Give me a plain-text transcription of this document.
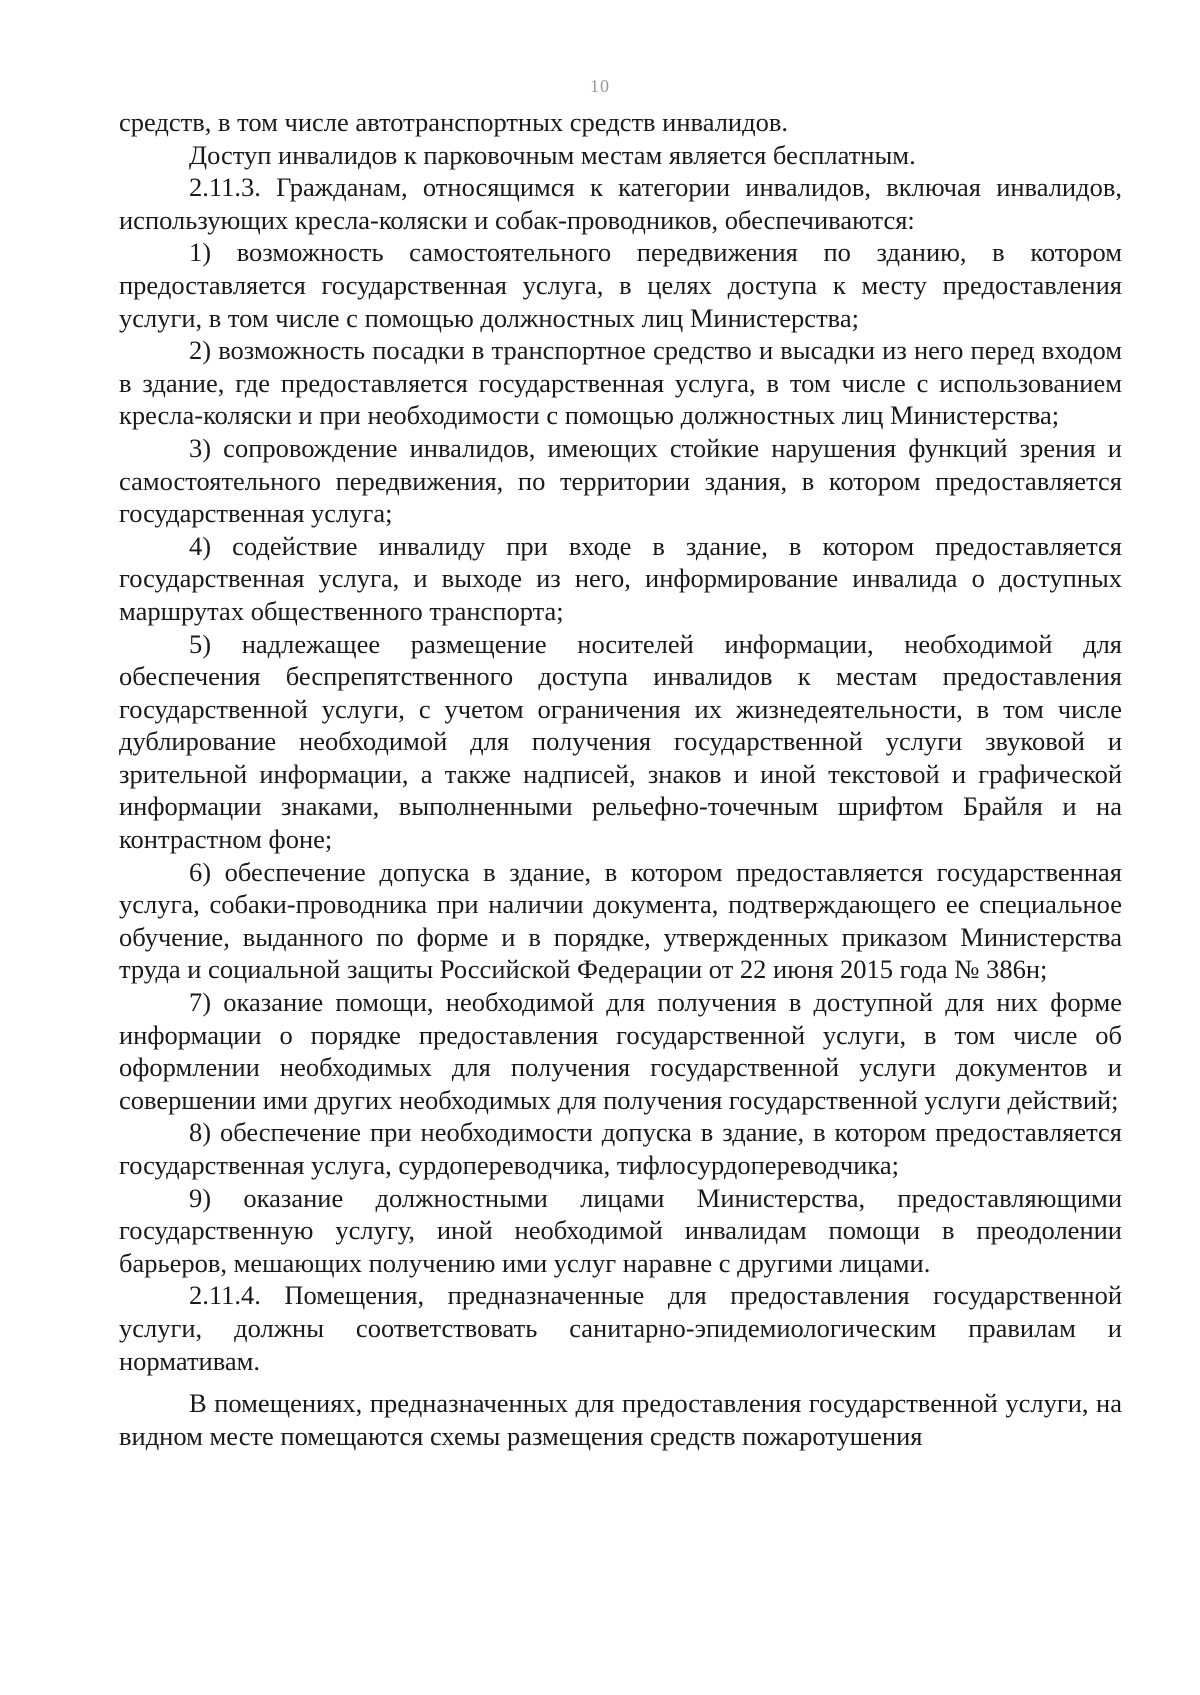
10

средств, в том числе автотранспортных средств инвалидов.

Доступ инвалидов к парковочным местам является бесплатным.

2.11.3. Гражданам, относящимся к категории инвалидов, включая инвалидов, использующих кресла-коляски и собак-проводников, обеспечиваются:

1) возможность самостоятельного передвижения по зданию, в котором предоставляется государственная услуга, в целях доступа к месту предоставления услуги, в том числе с помощью должностных лиц Министерства;

2) возможность посадки в транспортное средство и высадки из него перед входом в здание, где предоставляется государственная услуга, в том числе с использованием кресла-коляски и при необходимости с помощью должностных лиц Министерства;

3) сопровождение инвалидов, имеющих стойкие нарушения функций зрения и самостоятельного передвижения, по территории здания, в котором предоставляется государственная услуга;

4) содействие инвалиду при входе в здание, в котором предоставляется государственная услуга, и выходе из него, информирование инвалида о доступных маршрутах общественного транспорта;

5) надлежащее размещение носителей информации, необходимой для обеспечения беспрепятственного доступа инвалидов к местам предоставления государственной услуги, с учетом ограничения их жизнедеятельности, в том числе дублирование необходимой для получения государственной услуги звуковой и зрительной информации, а также надписей, знаков и иной текстовой и графической информации знаками, выполненными рельефно-точечным шрифтом Брайля и на контрастном фоне;

6) обеспечение допуска в здание, в котором предоставляется государственная услуга, собаки-проводника при наличии документа, подтверждающего ее специальное обучение, выданного по форме и в порядке, утвержденных приказом Министерства труда и социальной защиты Российской Федерации от 22 июня 2015 года № 386н;

7) оказание помощи, необходимой для получения в доступной для них форме информации о порядке предоставления государственной услуги, в том числе об оформлении необходимых для получения государственной услуги документов и совершении ими других необходимых для получения государственной услуги действий;

8) обеспечение при необходимости допуска в здание, в котором предоставляется государственная услуга, сурдопереводчика, тифлосурдопереводчика;

9) оказание должностными лицами Министерства, предоставляющими государственную услугу, иной необходимой инвалидам помощи в преодолении барьеров, мешающих получению ими услуг наравне с другими лицами.

2.11.4. Помещения, предназначенные для предоставления государственной услуги, должны соответствовать санитарно-эпидемиологическим правилам и нормативам.

В помещениях, предназначенных для предоставления государственной услуги, на видном месте помещаются схемы размещения средств пожаротушения
